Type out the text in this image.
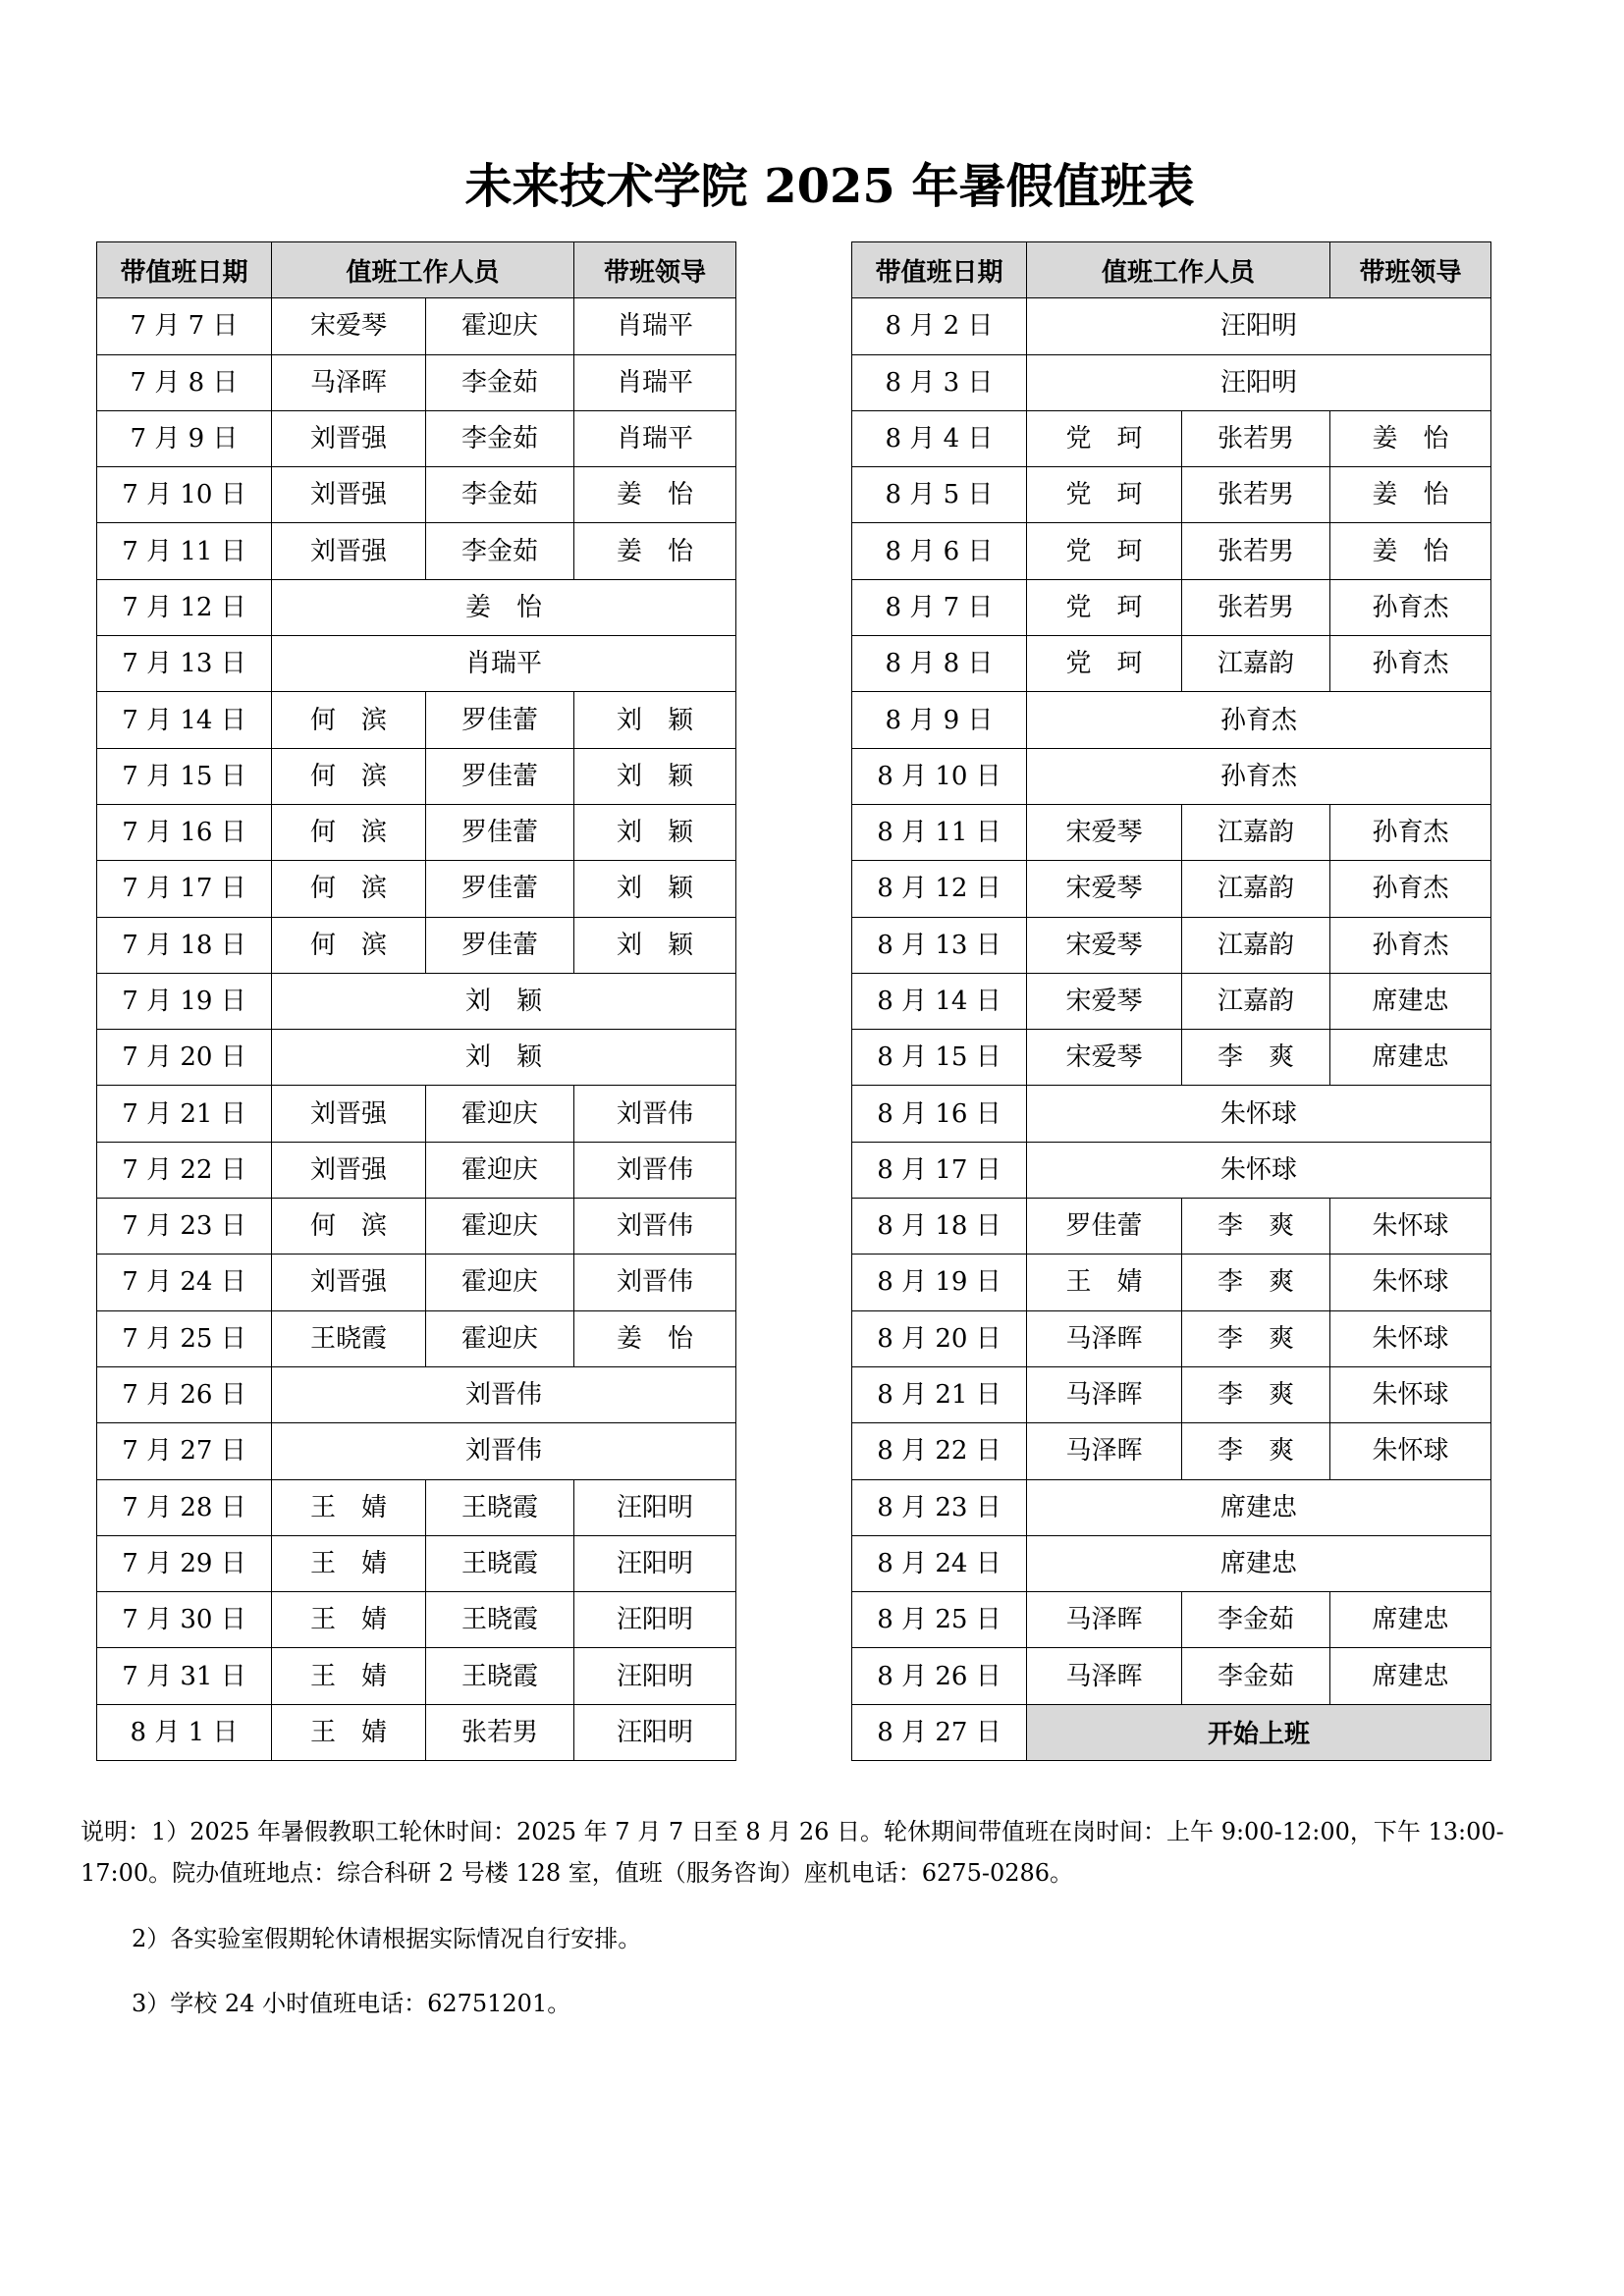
未来技术学院 2025 年暑假值班表
带值班日期	值班工作人员		带班领导
7 月 7 日	宋爱琴	霍迎庆	肖瑞平
7 月 8 日	马泽晖	李金茹	肖瑞平
7 月 9 日	刘晋强	李金茹	肖瑞平
7 月 10 日	刘晋强	李金茹	姜　怡
7 月 11 日	刘晋强	李金茹	姜　怡
7 月 12 日	姜　怡		
7 月 13 日	肖瑞平		
7 月 14 日	何　滨	罗佳蕾	刘　颖
7 月 15 日	何　滨	罗佳蕾	刘　颖
7 月 16 日	何　滨	罗佳蕾	刘　颖
7 月 17 日	何　滨	罗佳蕾	刘　颖
7 月 18 日	何　滨	罗佳蕾	刘　颖
7 月 19 日	刘　颖		
7 月 20 日	刘　颖		
7 月 21 日	刘晋强	霍迎庆	刘晋伟
7 月 22 日	刘晋强	霍迎庆	刘晋伟
7 月 23 日	何　滨	霍迎庆	刘晋伟
7 月 24 日	刘晋强	霍迎庆	刘晋伟
7 月 25 日	王晓霞	霍迎庆	姜　怡
7 月 26 日	刘晋伟		
7 月 27 日	刘晋伟		
7 月 28 日	王　婧	王晓霞	汪阳明
7 月 29 日	王　婧	王晓霞	汪阳明
7 月 30 日	王　婧	王晓霞	汪阳明
7 月 31 日	王　婧	王晓霞	汪阳明
8 月 1 日	王　婧	张若男	汪阳明
带值班日期	值班工作人员		带班领导
8 月 2 日	汪阳明		
8 月 3 日	汪阳明		
8 月 4 日	党　珂	张若男	姜　怡
8 月 5 日	党　珂	张若男	姜　怡
8 月 6 日	党　珂	张若男	姜　怡
8 月 7 日	党　珂	张若男	孙育杰
8 月 8 日	党　珂	江嘉韵	孙育杰
8 月 9 日	孙育杰		
8 月 10 日	孙育杰		
8 月 11 日	宋爱琴	江嘉韵	孙育杰
8 月 12 日	宋爱琴	江嘉韵	孙育杰
8 月 13 日	宋爱琴	江嘉韵	孙育杰
8 月 14 日	宋爱琴	江嘉韵	席建忠
8 月 15 日	宋爱琴	李　爽	席建忠
8 月 16 日	朱怀球		
8 月 17 日	朱怀球		
8 月 18 日	罗佳蕾	李　爽	朱怀球
8 月 19 日	王　婧	李　爽	朱怀球
8 月 20 日	马泽晖	李　爽	朱怀球
8 月 21 日	马泽晖	李　爽	朱怀球
8 月 22 日	马泽晖	李　爽	朱怀球
8 月 23 日	席建忠		
8 月 24 日	席建忠		
8 月 25 日	马泽晖	李金茹	席建忠
8 月 26 日	马泽晖	李金茹	席建忠
8 月 27 日	开始上班		

说明：1）2025 年暑假教职工轮休时间：2025 年 7 月 7 日至 8 月 26 日。轮休期间带值班在岗时间：上午 9:00-12:00，下午 13:00-17:00。院办值班地点：综合科研 2 号楼 128 室，值班（服务咨询）座机电话：6275-0286。

2）各实验室假期轮休请根据实际情况自行安排。

3）学校 24 小时值班电话：62751201。
